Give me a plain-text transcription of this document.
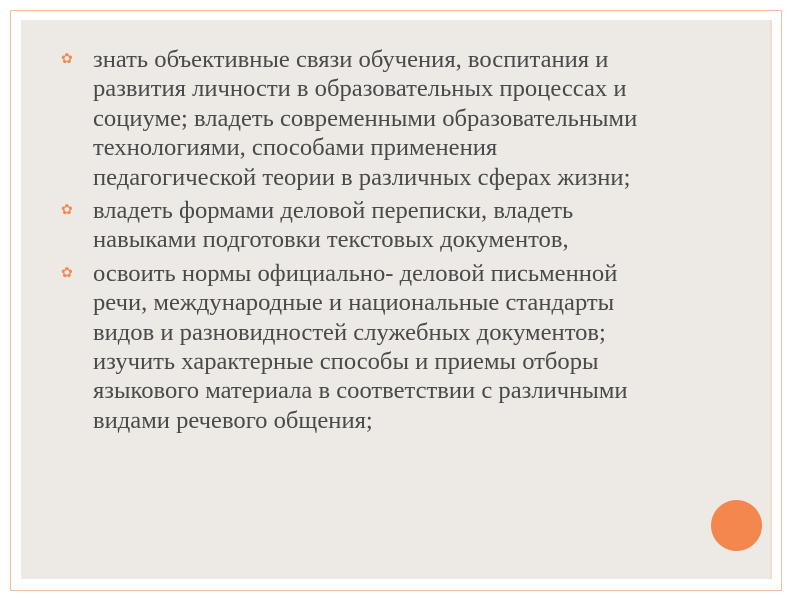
✿ знать объективные связи обучения, воспитания и
развития личности в образовательных процессах и
социуме; владеть современными образовательными
технологиями, способами применения
педагогической теории в различных сферах жизни;
✿ владеть формами деловой переписки, владеть
навыками подготовки текстовых документов,
✿ освоить нормы официально- деловой письменной
речи, международные и национальные стандарты
видов и разновидностей служебных документов;
изучить характерные способы и приемы отборы
языкового материала в соответствии с различными
видами речевого общения;
